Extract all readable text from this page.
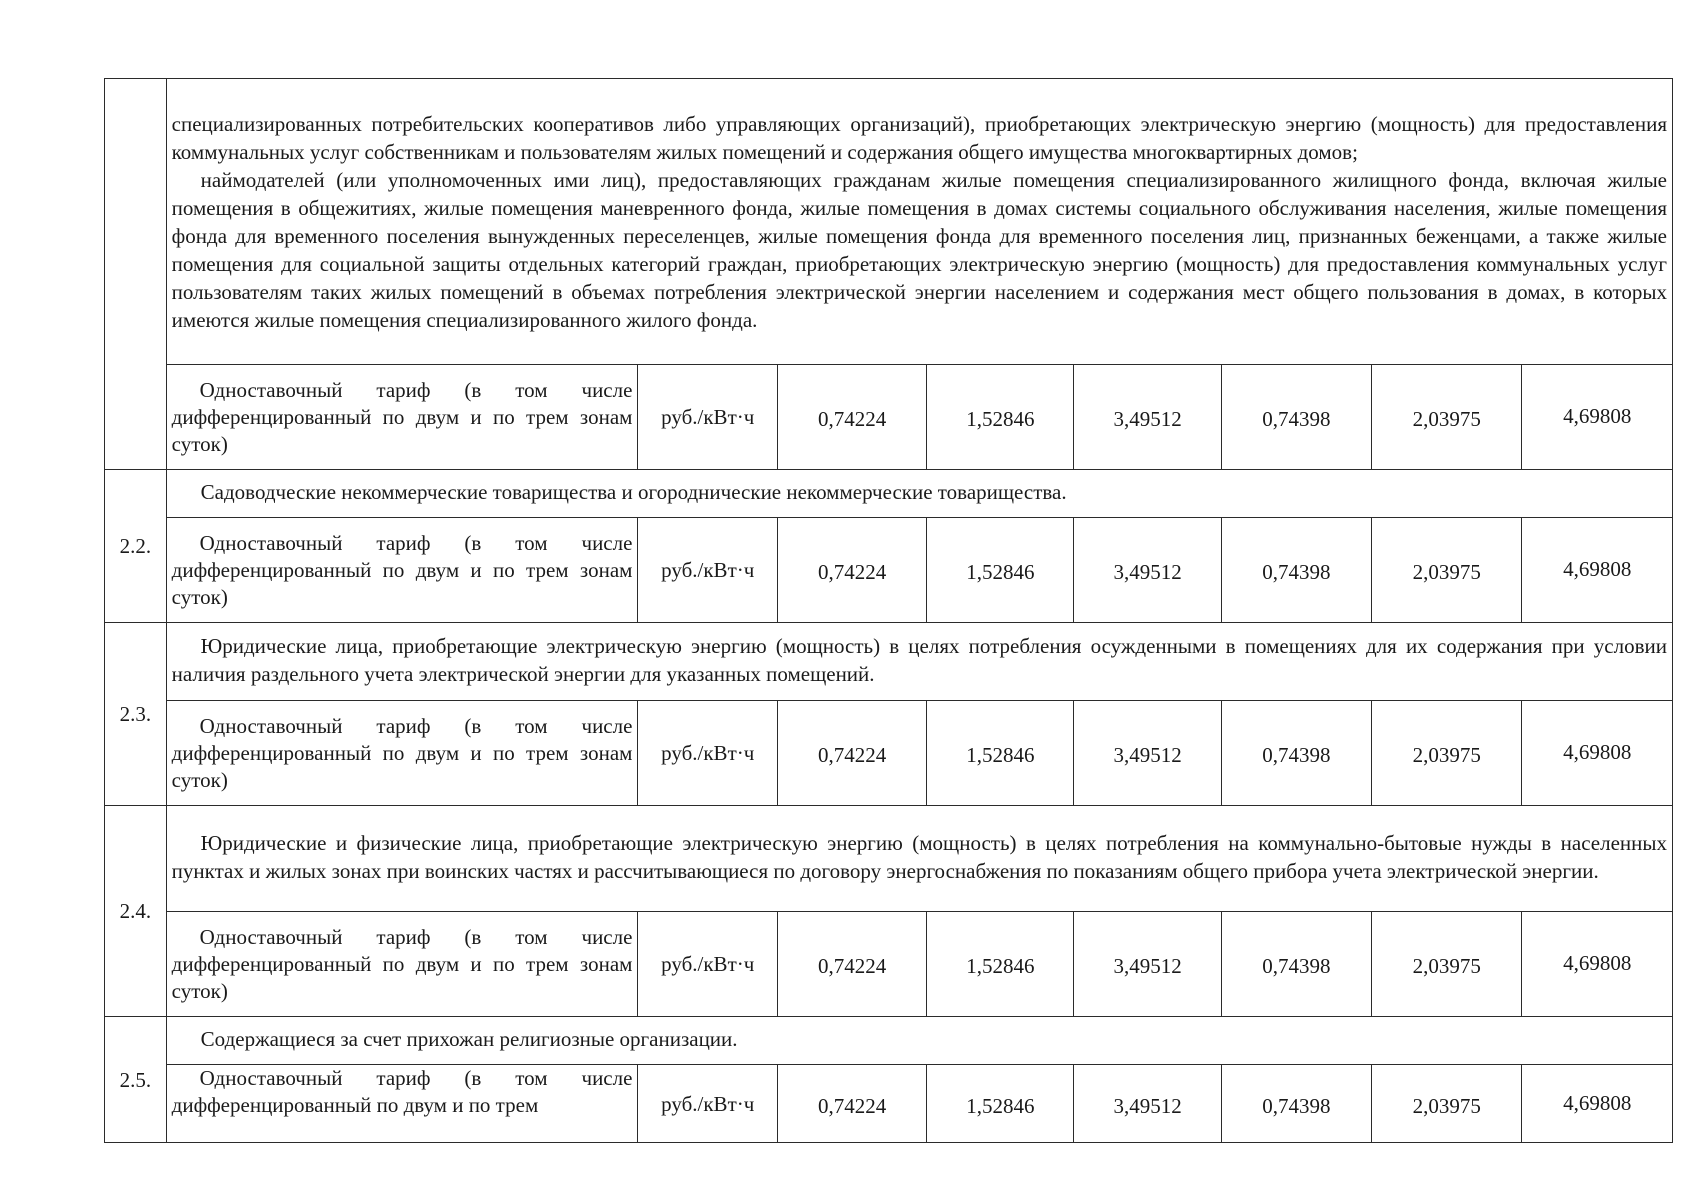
	специализированных потребительских кооперативов либо управляющих организаций), приобретающих электрическую энергию (мощность) для предоставления коммунальных услуг собственникам и пользователям жилых помещений и содержания общего имущества многоквартирных домов;

наймодателей (или уполномоченных ими лиц), предоставляющих гражданам жилые помещения специализированного жилищного фонда, включая жилые помещения в общежитиях, жилые помещения маневренного фонда, жилые помещения в домах системы социального обслуживания населения, жилые помещения фонда для временного поселения вынужденных переселенцев, жилые помещения фонда для временного поселения лиц, признанных беженцами, а также жилые помещения для социальной защиты отдельных категорий граждан, приобретающих электрическую энергию (мощность) для предоставления коммунальных услуг пользователям таких жилых помещений в объемах потребления электрической энергии населением и содержания мест общего пользования в домах, в которых имеются жилые помещения специализированного жилого фонда.							

	Одноставочный тариф (в том числе дифференцированный по двум и по трем зонам суток)	руб./кВт·ч	0,74224	1,52846	3,49512	0,74398	2,03975	4,69808
2.2.	Садоводческие некоммерческие товарищества и огороднические некоммерческие товарищества.							

	Одноставочный тариф (в том числе дифференцированный по двум и по трем зонам суток)	руб./кВт·ч	0,74224	1,52846	3,49512	0,74398	2,03975	4,69808
2.3.	Юридические лица, приобретающие электрическую энергию (мощность) в целях потребления осужденными в помещениях для их содержания при условии наличия раздельного учета электрической энергии для указанных помещений.							

	Одноставочный тариф (в том числе дифференцированный по двум и по трем зонам суток)	руб./кВт·ч	0,74224	1,52846	3,49512	0,74398	2,03975	4,69808
2.4.	Юридические и физические лица, приобретающие электрическую энергию (мощность) в целях потребления на коммунально-бытовые нужды в населенных пунктах и жилых зонах при воинских частях и рассчитывающиеся по договору энергоснабжения по показаниям общего прибора учета электрической энергии.							

	Одноставочный тариф (в том числе дифференцированный по двум и по трем зонам суток)	руб./кВт·ч	0,74224	1,52846	3,49512	0,74398	2,03975	4,69808
2.5.	Содержащиеся за счет прихожан религиозные организации.							

	Одноставочный тариф (в том числе дифференцированный по двум и по трем	руб./кВт·ч	0,74224	1,52846	3,49512	0,74398	2,03975	4,69808
